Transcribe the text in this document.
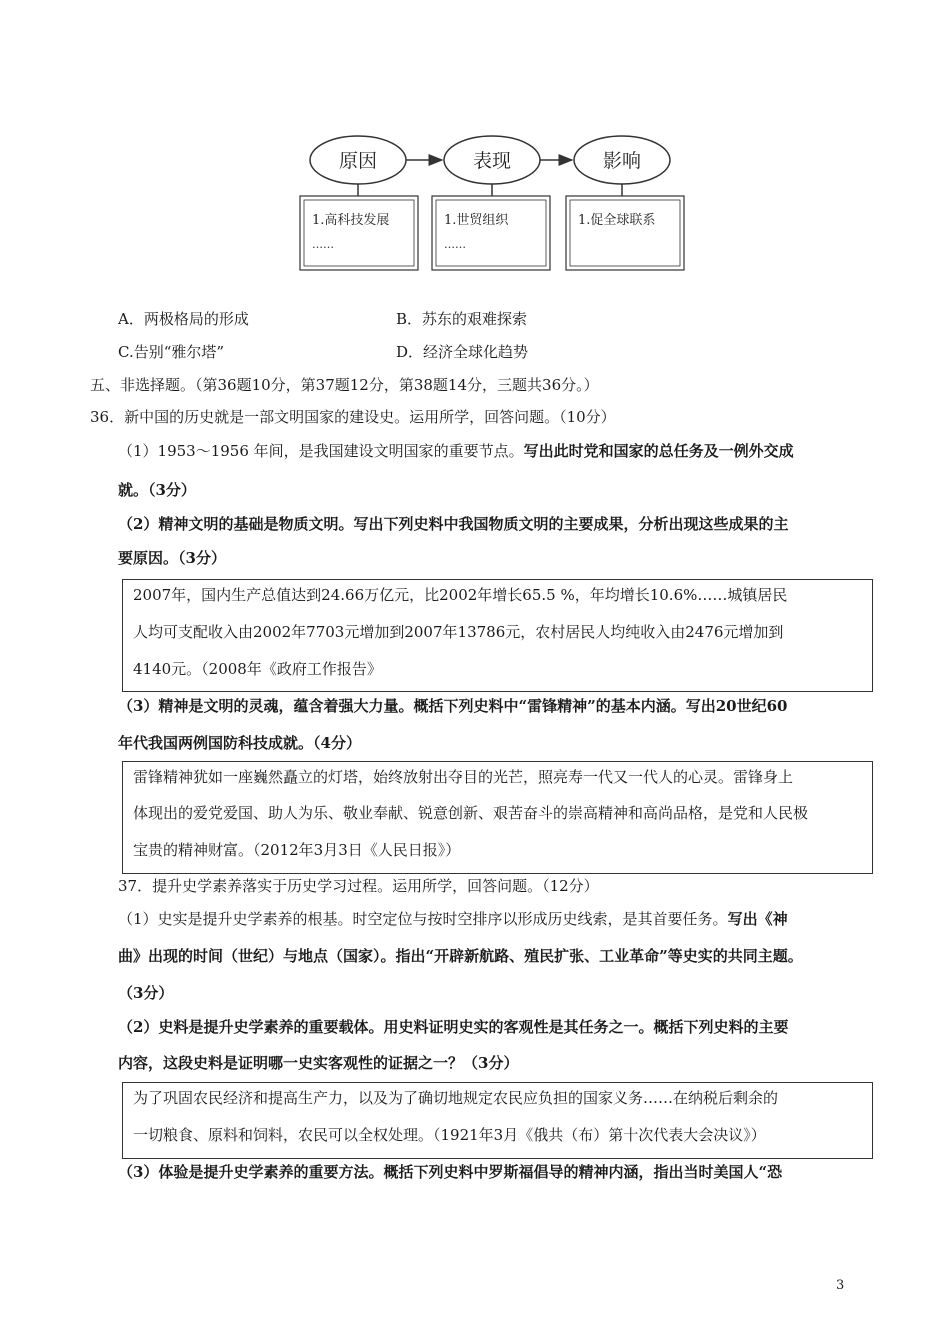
原因	表现	影响
1.高科技发展
……
1.世贸组织
……
1.促全球联系
A．两极格局的形成	B．苏东的艰难探索
C.告别“雅尔塔”	D．经济全球化趋势
五、非选择题。（第36题10分，第37题12分，第38题14分，三题共36分。）
36．新中国的历史就是一部文明国家的建设史。运用所学，回答问题。（10分）
（1）1953～1956 年间，是我国建设文明国家的重要节点。写出此时党和国家的总任务及一例外交成
就。（3分）
（2）精神文明的基础是物质文明。写出下列史料中我国物质文明的主要成果，分析出现这些成果的主
要原因。（3分）
2007年，国内生产总值达到24.66万亿元，比2002年增长65.5 %，年均增长10.6%……城镇居民
人均可支配收入由2002年7703元增加到2007年13786元，农村居民人均纯收入由2476元增加到
4140元。（2008年《政府工作报告》
（3）精神是文明的灵魂，蕴含着强大力量。概括下列史料中“雷锋精神”的基本内涵。写出20世纪60
年代我国两例国防科技成就。（4分）
雷锋精神犹如一座巍然矗立的灯塔，始终放射出夺目的光芒，照亮寿一代又一代人的心灵。雷锋身上
体现出的爱党爱国、助人为乐、敬业奉献、锐意创新、艰苦奋斗的崇高精神和高尚品格，是党和人民极
宝贵的精神财富。（2012年3月3日《人民日报》）
37．提升史学素养落实于历史学习过程。运用所学，回答问题。（12分）
（1）史实是提升史学素养的根基。时空定位与按时空排序以形成历史线索，是其首要任务。写出《神
曲》出现的时间（世纪）与地点（国家）。指出“开辟新航路、殖民扩张、工业革命”等史实的共同主题。
（3分）
（2）史料是提升史学素养的重要载体。用史料证明史实的客观性是其任务之一。概括下列史料的主要
内容，这段史料是证明哪一史实客观性的证据之一？（3分）
为了巩固农民经济和提高生产力，以及为了确切地规定农民应负担的国家义务……在纳税后剩余的
一切粮食、原料和饲料，农民可以全权处理。（1921年3月《俄共（布）第十次代表大会决议》）
（3）体验是提升史学素养的重要方法。概括下列史料中罗斯福倡导的精神内涵，指出当时美国人“恐
3
